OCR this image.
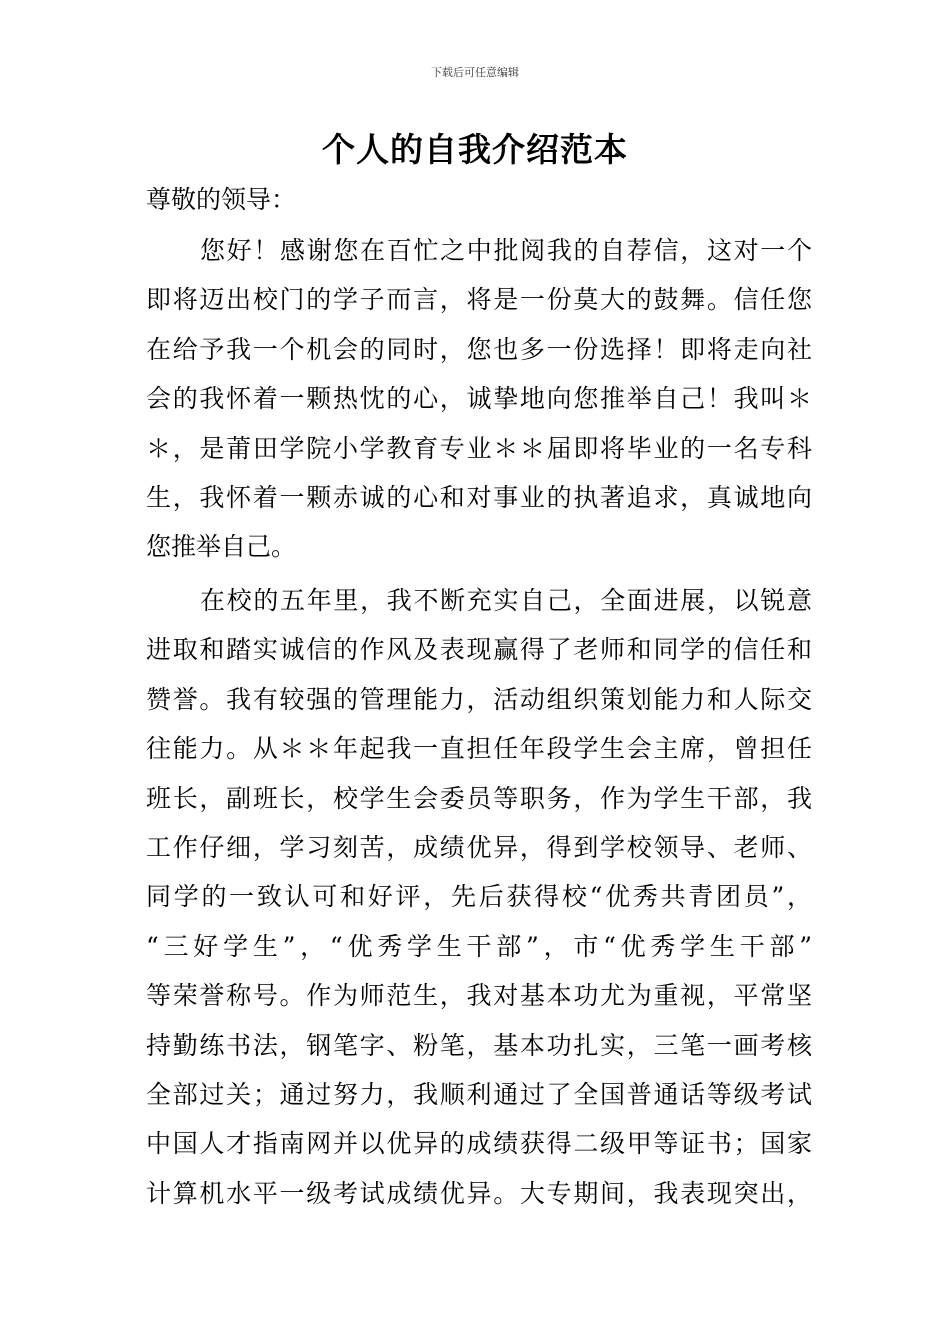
下载后可任意编辑
个人的自我介绍范本
尊敬的领导：
您好！感谢您在百忙之中批阅我的自荐信，这对一个
即将迈出校门的学子而言，将是一份莫大的鼓舞。信任您
在给予我一个机会的同时，您也多一份选择！即将走向社
会的我怀着一颗热忱的心，诚挚地向您推举自己！我叫＊
＊，是莆田学院小学教育专业＊＊届即将毕业的一名专科
生，我怀着一颗赤诚的心和对事业的执著追求，真诚地向
您推举自己。
在校的五年里，我不断充实自己，全面进展，以锐意
进取和踏实诚信的作风及表现赢得了老师和同学的信任和
赞誉。我有较强的管理能力，活动组织策划能力和人际交
往能力。从＊＊年起我一直担任年段学生会主席，曾担任
班长，副班长，校学生会委员等职务，作为学生干部，我
工作仔细，学习刻苦，成绩优异，得到学校领导、老师、
同学的一致认可和好评，先后获得校“优秀共青团员”，
“三好学生”，“优秀学生干部”，市“优秀学生干部”
等荣誉称号。作为师范生，我对基本功尤为重视，平常坚
持勤练书法，钢笔字、粉笔，基本功扎实，三笔一画考核
全部过关；通过努力，我顺利通过了全国普通话等级考试
中国人才指南网并以优异的成绩获得二级甲等证书；国家
计算机水平一级考试成绩优异。大专期间，我表现突出，
